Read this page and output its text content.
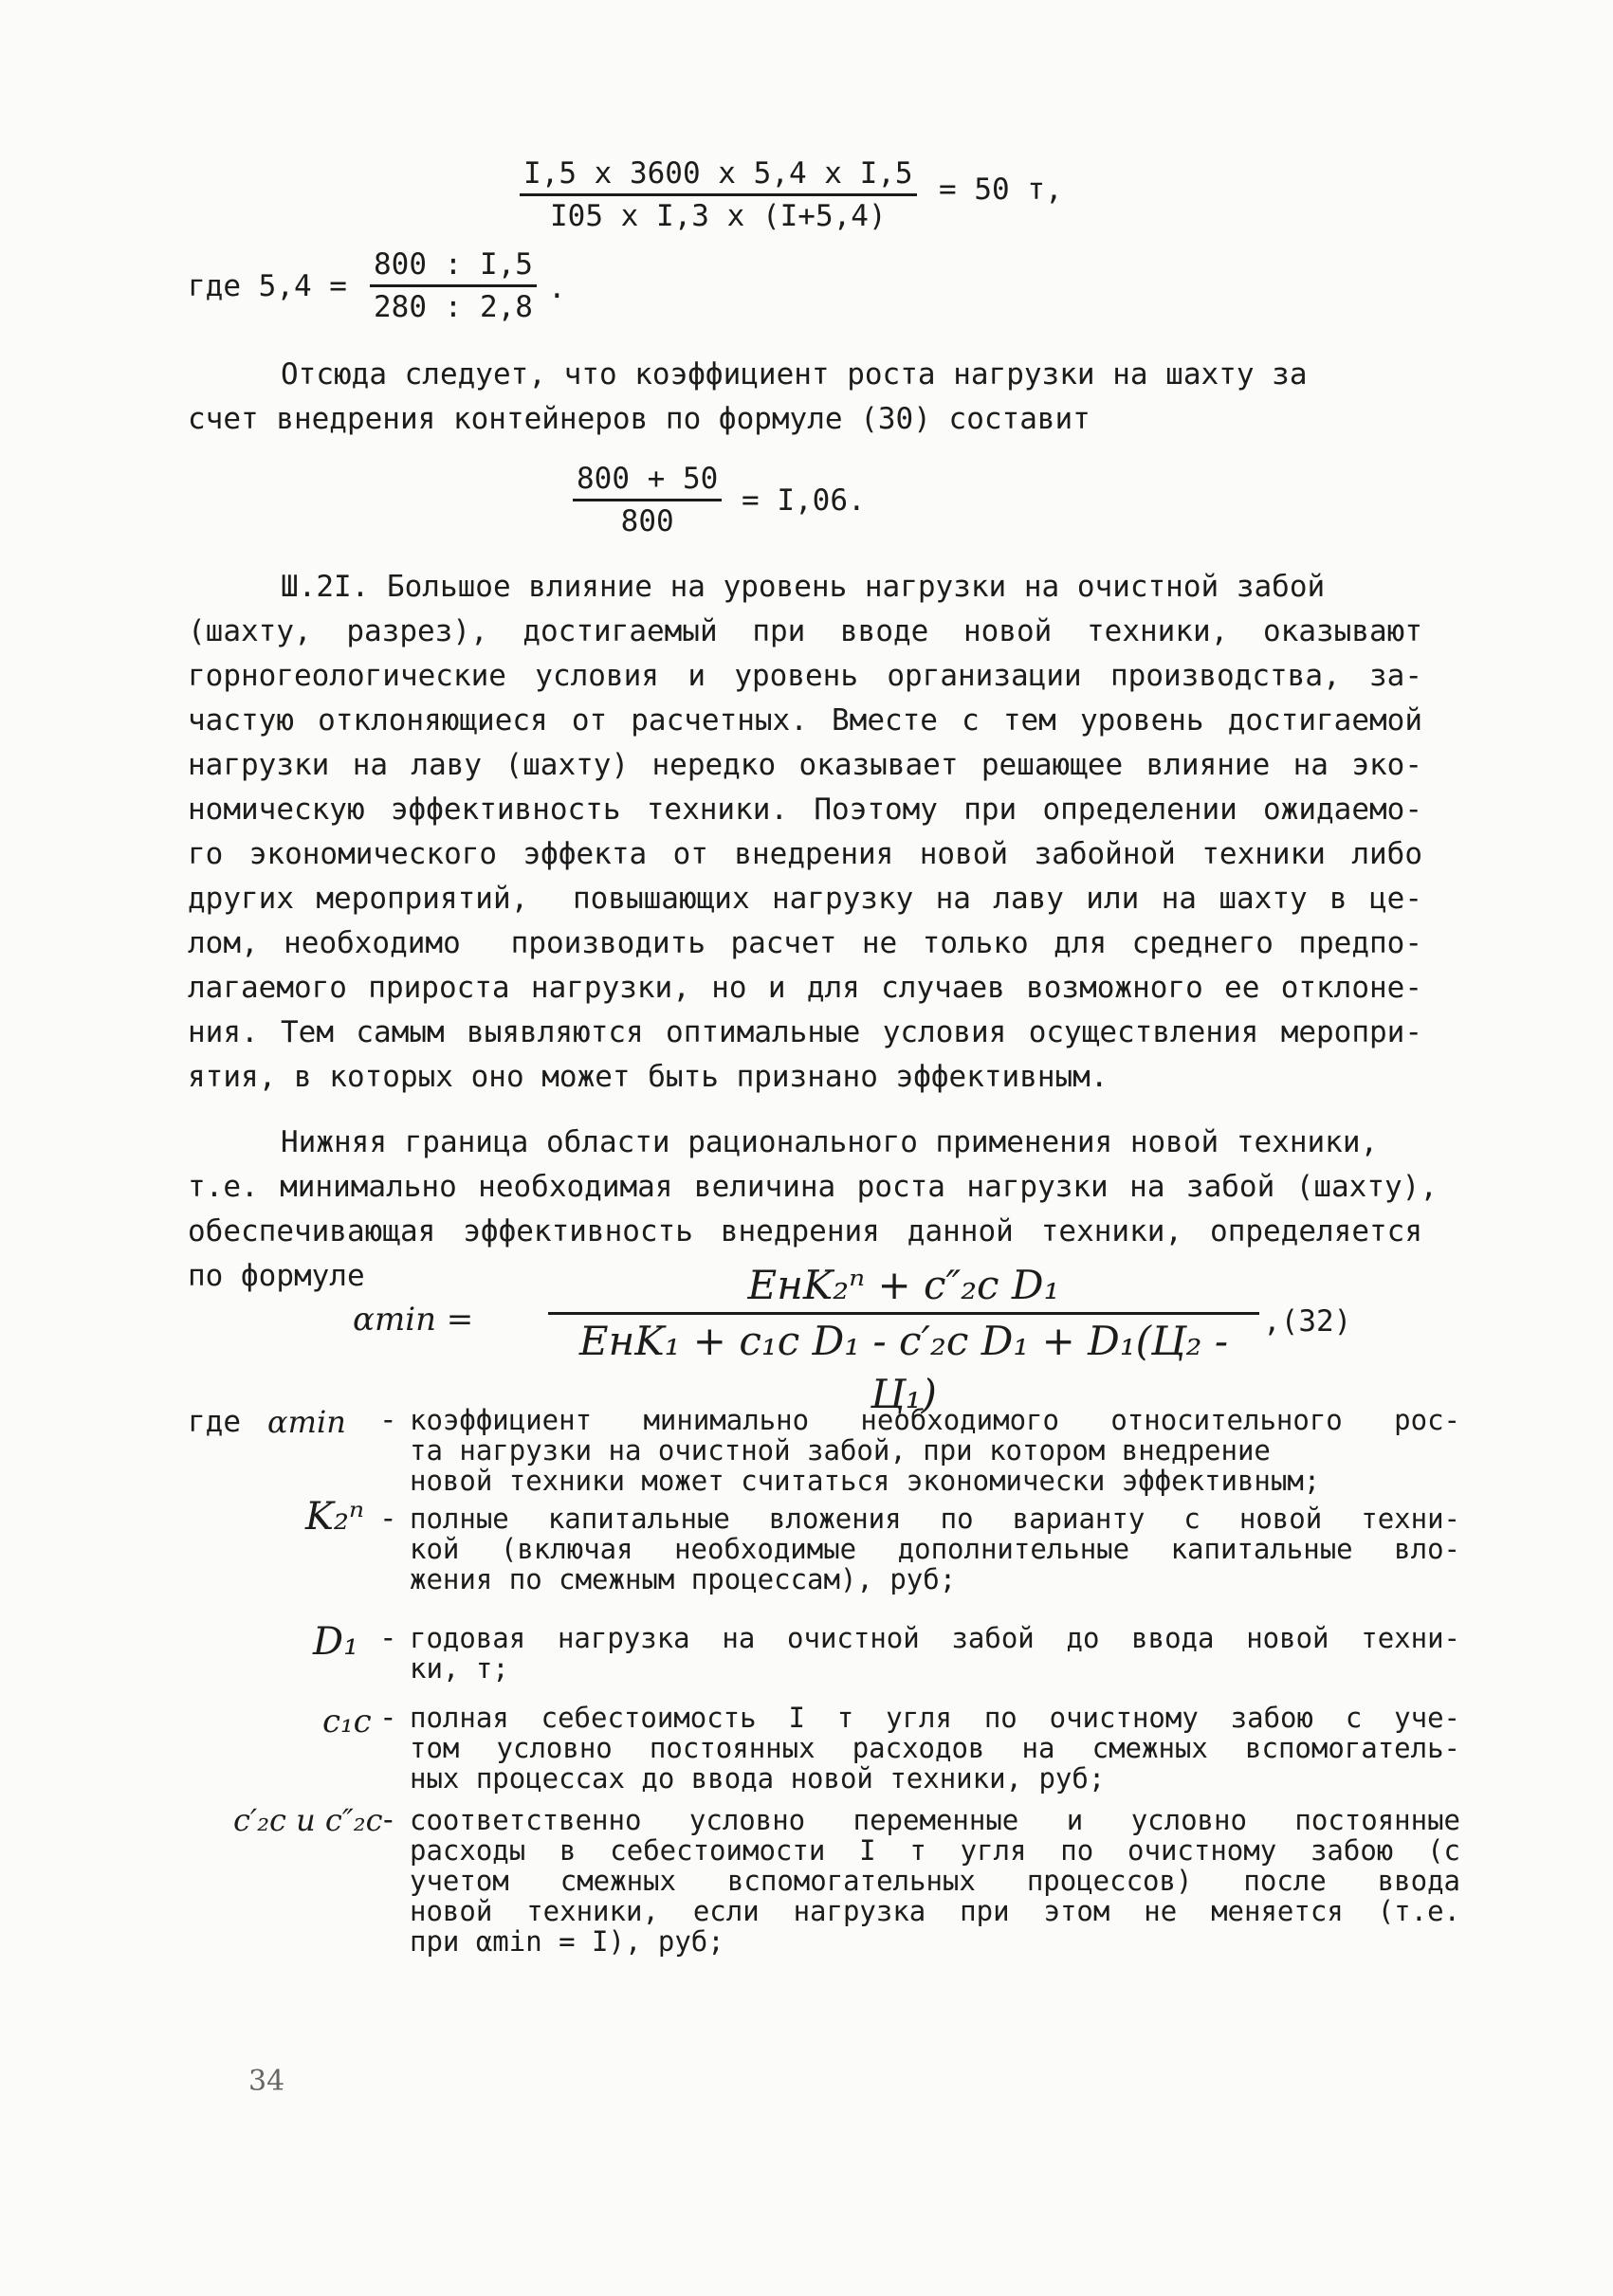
$\frac{\text{I,5 x 3600 x 5,4 x I,5}}{\text{I05 x I,3 x (I+5,4)}} = 50$ т,
где $5,4 = \frac{800 : I,5}{280 : 2,8}$ .
Отсюда следует, что коэффициент роста нагрузки на шахту за
счет внедрения контейнеров по формуле (30) составит
$\frac{800 + 50}{800} = I,06$.
Ш.2I. Большое влияние на уровень нагрузки на очистной забой
(шахту, разрез), достигаемый при вводе новой техники, оказывают
горногеологические условия и уровень организации производства, за-
частую отклоняющиеся от расчетных. Вместе с тем уровень достигаемой
нагрузки на лаву (шахту) нередко оказывает решающее влияние на эко-
номическую эффективность техники. Поэтому при определении ожидаемо-
го экономического эффекта от внедрения новой забойной техники либо
других мероприятий,  повышающих нагрузку на лаву или на шахту в це-
лом, необходимо  производить расчет не только для среднего предпо-
лагаемого прироста нагрузки, но и для случаев возможного ее отклоне-
ния. Тем самым выявляются оптимальные условия осуществления меропри-
ятия, в которых оно может быть признано эффективным.
Нижняя граница области рационального применения новой техники,
т.е. минимально необходимая величина роста нагрузки на забой (шахту),
обеспечивающая эффективность внедрения данной техники, определяется
по формуле
αmin =
EнK₂ⁿ + c″₂c D₁
EнK₁ + c₁c D₁ - c′₂c D₁ + D₁(Ц₂ - Ц₁)
,(32)
где αmin - коэффициент минимально необходимого относительного рос-
та нагрузки на очистной забой, при котором внедрение
новой техники может считаться экономически эффективным;
K₂ⁿ - полные капитальные вложения по варианту с новой техни-
кой (включая необходимые дополнительные капитальные вло-
жения по смежным процессам), руб;
D₁ - годовая нагрузка на очистной забой до ввода новой техни-
ки, т;
c₁c - полная себестоимость I т угля по очистному забою с уче-
том условно постоянных расходов на смежных вспомогатель-
ных процессах до ввода новой техники, руб;
c′₂c и c″₂c
- соответственно условно переменные и условно постоянные
расходы в себестоимости I т угля по очистному забою (с
учетом смежных вспомогательных процессов) после ввода
новой техники, если нагрузка при этом не меняется (т.е.
при αmin = I), руб;
34
